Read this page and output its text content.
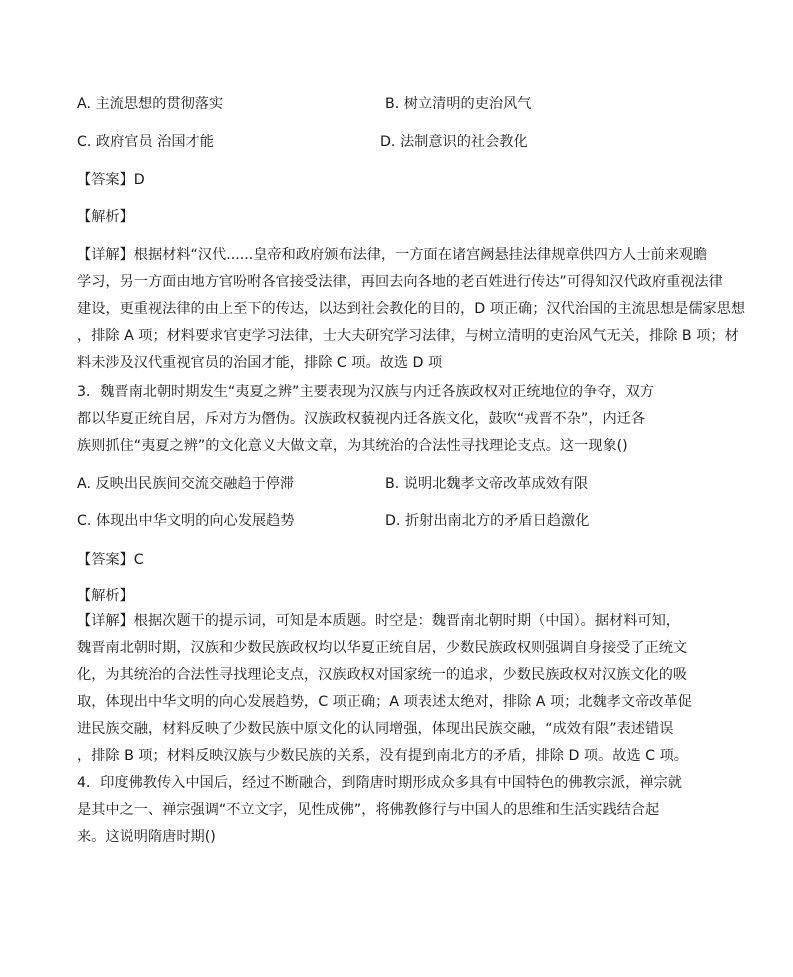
A. 主流思想的贯彻落实	B. 树立清明的吏治风气
C. 政府官员 治国才能	D. 法制意识的社会教化
【答案】D
【解析】
【详解】根据材料“汉代......皇帝和政府颁布法律，一方面在诸宫阙悬挂法律规章供四方人士前来观瞻
学习，另一方面由地方官吩咐各官接受法律，再回去向各地的老百姓进行传达”可得知汉代政府重视法律
建设，更重视法律的由上至下的传达，以达到社会教化的目的，D 项正确；汉代治国的主流思想是儒家思想
，排除 A 项；材料要求官吏学习法律，士大夫研究学习法律，与树立清明的吏治风气无关，排除 B 项；材
料未涉及汉代重视官员的治国才能，排除 C 项。故选 D 项
3．魏晋南北朝时期发生“夷夏之辨”主要表现为汉族与内迁各族政权对正统地位的争夺，双方
都以华夏正统自居，斥对方为僭伪。汉族政权藐视内迁各族文化，鼓吹“戎晋不杂”，内迁各
族则抓住“夷夏之辨”的文化意义大做文章，为其统治的合法性寻找理论支点。这一现象()
A. 反映出民族间交流交融趋于停滞	B. 说明北魏孝文帝改革成效有限
C. 体现出中华文明的向心发展趋势	D. 折射出南北方的矛盾日趋激化
【答案】C
【解析】
【详解】根据次题干的提示词，可知是本质题。时空是：魏晋南北朝时期（中国）。据材料可知，
魏晋南北朝时期，汉族和少数民族政权均以华夏正统自居，少数民族政权则强调自身接受了正统文
化，为其统治的合法性寻找理论支点，汉族政权对国家统一的追求，少数民族政权对汉族文化的吸
取，体现出中华文明的向心发展趋势，C 项正确；A 项表述太绝对，排除 A 项；北魏孝文帝改革促
进民族交融，材料反映了少数民族中原文化的认同增强，体现出民族交融，“成效有限”表述错误
，排除 B 项；材料反映汉族与少数民族的关系，没有提到南北方的矛盾，排除 D 项。故选 C 项。
4．印度佛教传入中国后，经过不断融合，到隋唐时期形成众多具有中国特色的佛教宗派，禅宗就
是其中之一、禅宗强调“不立文字，见性成佛”，将佛教修行与中国人的思维和生活实践结合起
来。这说明隋唐时期()
